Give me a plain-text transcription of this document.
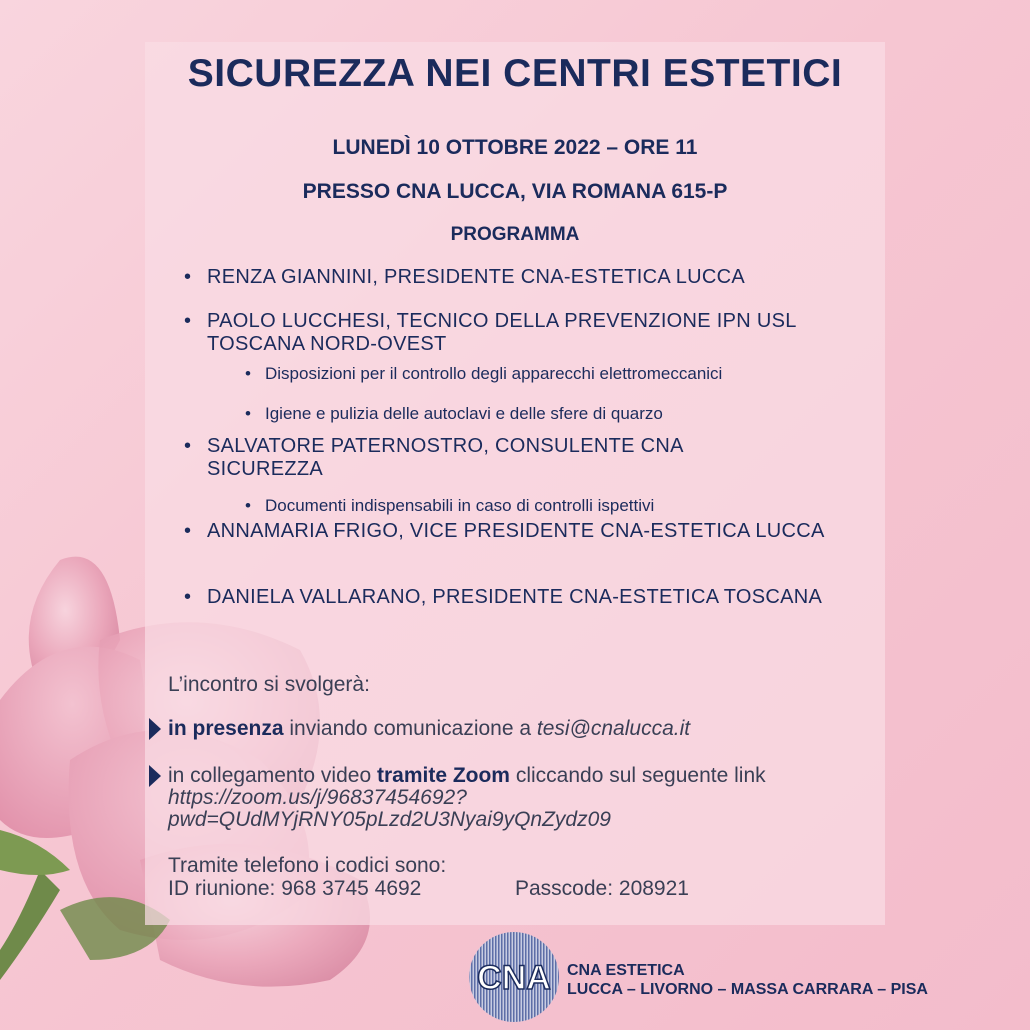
SICUREZZA NEI CENTRI ESTETICI
LUNEDÌ 10 OTTOBRE 2022 – ORE 11
PRESSO CNA LUCCA, VIA ROMANA 615-P
PROGRAMMA
• RENZA GIANNINI, PRESIDENTE CNA-ESTETICA LUCCA
• PAOLO LUCCHESI, TECNICO DELLA PREVENZIONE IPN USL TOSCANA NORD-OVEST
• Disposizioni per il controllo degli apparecchi elettromeccanici
• Igiene e pulizia delle autoclavi e delle sfere di quarzo
• SALVATORE PATERNOSTRO, CONSULENTE CNA SICUREZZA
• Documenti indispensabili in caso di controlli ispettivi
• ANNAMARIA FRIGO, VICE PRESIDENTE CNA-ESTETICA LUCCA
• DANIELA VALLARANO, PRESIDENTE CNA-ESTETICA TOSCANA
L’incontro si svolgerà:
in presenza inviando comunicazione a tesi@cnalucca.it
in collegamento video tramite Zoom cliccando sul seguente link https://zoom.us/j/96837454692?
pwd=QUdMYjRNY05pLzd2U3Nyai9yQnZydz09
Tramite telefono i codici sono:
ID riunione: 968 3745 4692	Passcode: 208921
CNA CNA ESTETICA
LUCCA – LIVORNO – MASSA CARRARA – PISA
